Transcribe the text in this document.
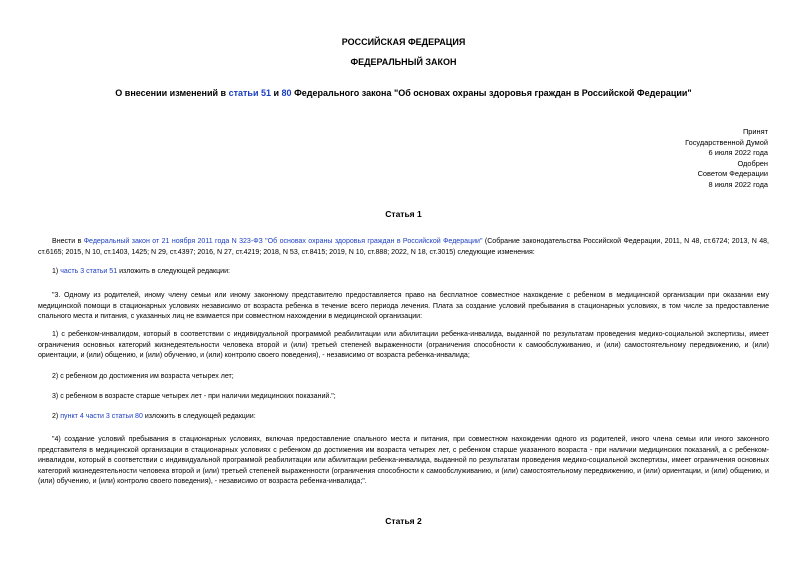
РОССИЙСКАЯ ФЕДЕРАЦИЯ
ФЕДЕРАЛЬНЫЙ ЗАКОН
О внесении изменений в статьи 51 и 80 Федерального закона "Об основах охраны здоровья граждан в Российской Федерации"
Принят
Государственной Думой
6 июля 2022 года
Одобрен
Советом Федерации
8 июля 2022 года
Статья 1
Внести в Федеральный закон от 21 ноября 2011 года N 323-ФЗ "Об основах охраны здоровья граждан в Российской Федерации" (Собрание законодательства Российской Федерации, 2011, N 48, ст.6724; 2013, N 48, ст.6165; 2015, N 10, ст.1403, 1425; N 29, ст.4397; 2016, N 27, ст.4219; 2018, N 53, ст.8415; 2019, N 10, ст.888; 2022, N 18, ст.3015) следующие изменения:
1) часть 3 статьи 51 изложить в следующей редакции:
"3. Одному из родителей, иному члену семьи или иному законному представителю предоставляется право на бесплатное совместное нахождение с ребенком в медицинской организации при оказании ему медицинской помощи в стационарных условиях независимо от возраста ребенка в течение всего периода лечения. Плата за создание условий пребывания в стационарных условиях, в том числе за предоставление спального места и питания, с указанных лиц не взимается при совместном нахождении в медицинской организации:
1) с ребенком-инвалидом, который в соответствии с индивидуальной программой реабилитации или абилитации ребенка-инвалида, выданной по результатам проведения медико-социальной экспертизы, имеет ограничения основных категорий жизнедеятельности человека второй и (или) третьей степеней выраженности (ограничения способности к самообслуживанию, и (или) самостоятельному передвижению, и (или) ориентации, и (или) общению, и (или) обучению, и (или) контролю своего поведения), - независимо от возраста ребенка-инвалида;
2) с ребенком до достижения им возраста четырех лет;
3) с ребенком в возрасте старше четырех лет - при наличии медицинских показаний.";
2) пункт 4 части 3 статьи 80 изложить в следующей редакции:
"4) создание условий пребывания в стационарных условиях, включая предоставление спального места и питания, при совместном нахождении одного из родителей, иного члена семьи или иного законного представителя в медицинской организации в стационарных условиях с ребенком до достижения им возраста четырех лет, с ребенком старше указанного возраста - при наличии медицинских показаний, а с ребенком-инвалидом, который в соответствии с индивидуальной программой реабилитации или абилитации ребенка-инвалида, выданной по результатам проведения медико-социальной экспертизы, имеет ограничения основных категорий жизнедеятельности человека второй и (или) третьей степеней выраженности (ограничения способности к самообслуживанию, и (или) самостоятельному передвижению, и (или) ориентации, и (или) общению, и (или) обучению, и (или) контролю своего поведения), - независимо от возраста ребенка-инвалида;".
Статья 2
